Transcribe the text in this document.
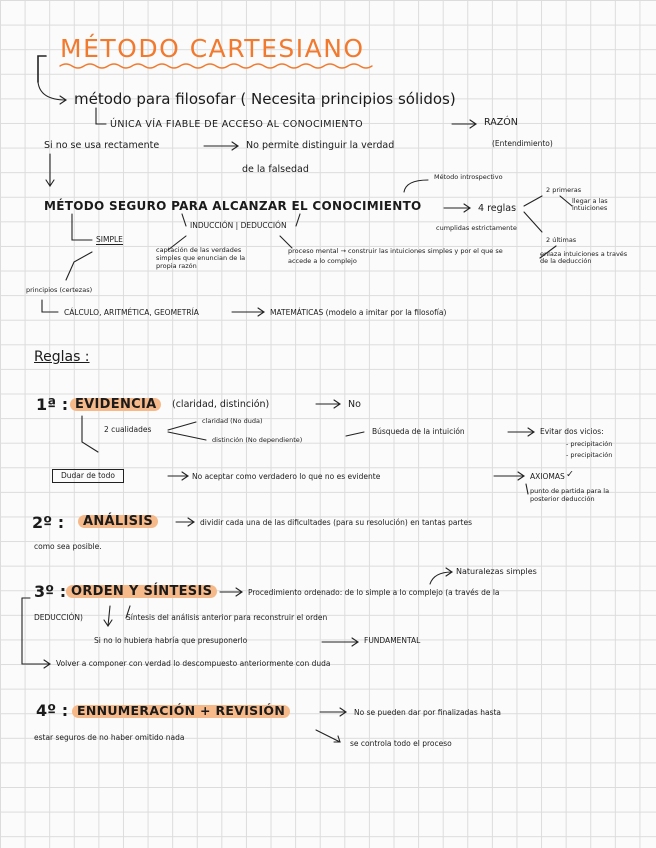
MÉTODO CARTESIANO
método para filosofar ( Necesita principios sólidos)
ÚNICA VÍA FIABLE DE ACCESO AL CONOCIMIENTO	RAZÓN
Si no se usa rectamente	No permite distinguir la verdad	(Entendimiento)
de la falsedad
MÉTODO SEGURO PARA ALCANZAR EL CONOCIMIENTO
Método introspectivo
4 reglas
cumplidas estrictamente
2 primeras
llegar a las intuiciones
2 últimas
enlaza intuiciones a través de la deducción
INDUCCIÓN | DEDUCCIÓN
SIMPLE
captación de las verdades simples que enuncian de la propia razón
proceso mental → construir las intuiciones simples y por el que se accede a lo complejo
principios (certezas)
CÁLCULO, ARITMÉTICA, GEOMETRÍA	MATEMÁTICAS (modelo a imitar por la filosofía)
Reglas :
1ª : EVIDENCIA	(claridad, distinción)	No
2 cualidades
claridad (No duda)
distinción (No dependiente)
Búsqueda de la intuición	Evitar dos vicios:
- precipitación
- precipitación
Dudar de todo	No aceptar como verdadero lo que no es evidente	AXIOMAS ✓
punto de partida para la posterior deducción
2º :	ANÁLISIS	dividir cada una de las dificultades (para su resolución) en tantas partes
como sea posible.
Naturalezas simples
3º : ORDEN Y SÍNTESIS	Procedimiento ordenado: de lo simple a lo complejo (a través de la
DEDUCCIÓN)	Síntesis del análisis anterior para reconstruir el orden
Si no lo hubiera habría que presuponerlo	FUNDAMENTAL
Volver a componer con verdad lo descompuesto anteriormente con duda
4º : ENNUMERACIÓN + REVISIÓN	No se pueden dar por finalizadas hasta
estar seguros de no haber omitido nada
se controla todo el proceso
